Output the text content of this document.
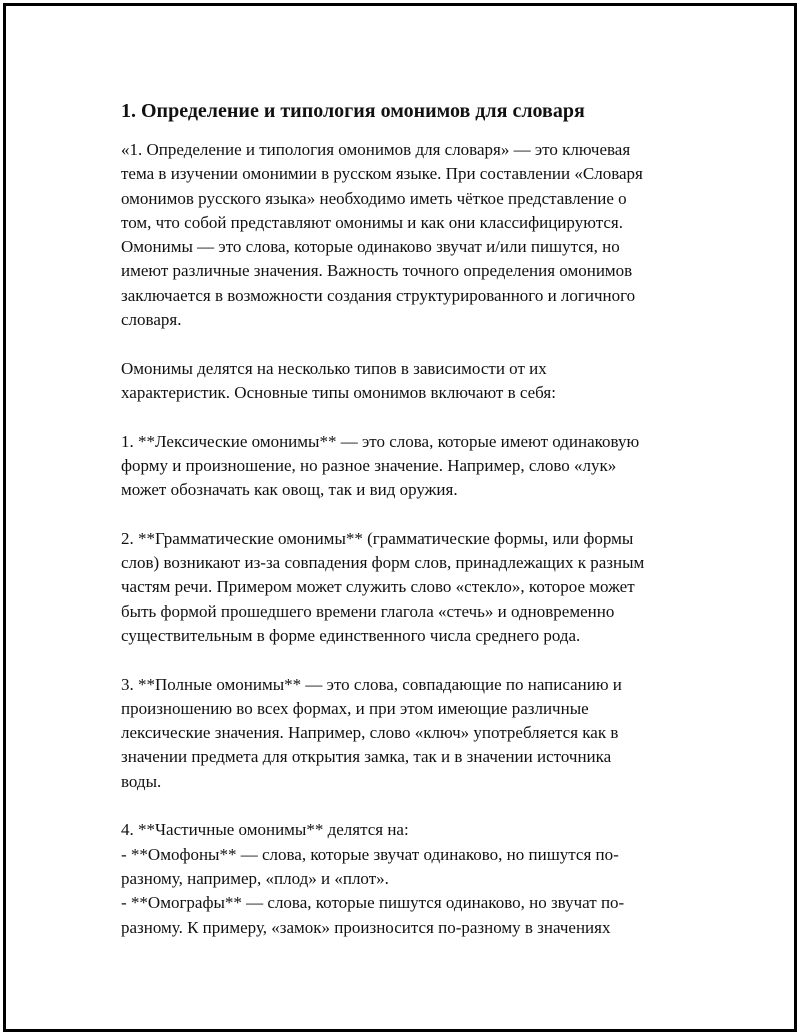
1. Определение и типология омонимов для словаря

«1. Определение и типология омонимов для словаря» — это ключевая
тема в изучении омонимии в русском языке. При составлении «Словаря
омонимов русского языка» необходимо иметь чёткое представление о
том, что собой представляют омонимы и как они классифицируются.
Омонимы — это слова, которые одинаково звучат и/или пишутся, но
имеют различные значения. Важность точного определения омонимов
заключается в возможности создания структурированного и логичного
словаря.

Омонимы делятся на несколько типов в зависимости от их
характеристик. Основные типы омонимов включают в себя:

1. **Лексические омонимы** — это слова, которые имеют одинаковую
форму и произношение, но разное значение. Например, слово «лук»
может обозначать как овощ, так и вид оружия.

2. **Грамматические омонимы** (грамматические формы, или формы
слов) возникают из-за совпадения форм слов, принадлежащих к разным
частям речи. Примером может служить слово «стекло», которое может
быть формой прошедшего времени глагола «стечь» и одновременно
существительным в форме единственного числа среднего рода.

3. **Полные омонимы** — это слова, совпадающие по написанию и
произношению во всех формах, и при этом имеющие различные
лексические значения. Например, слово «ключ» употребляется как в
значении предмета для открытия замка, так и в значении источника
воды.

4. **Частичные омонимы** делятся на:
- **Омофоны** — слова, которые звучат одинаково, но пишутся по-
разному, например, «плод» и «плот».
- **Омографы** — слова, которые пишутся одинаково, но звучат по-
разному. К примеру, «замок» произносится по-разному в значениях
